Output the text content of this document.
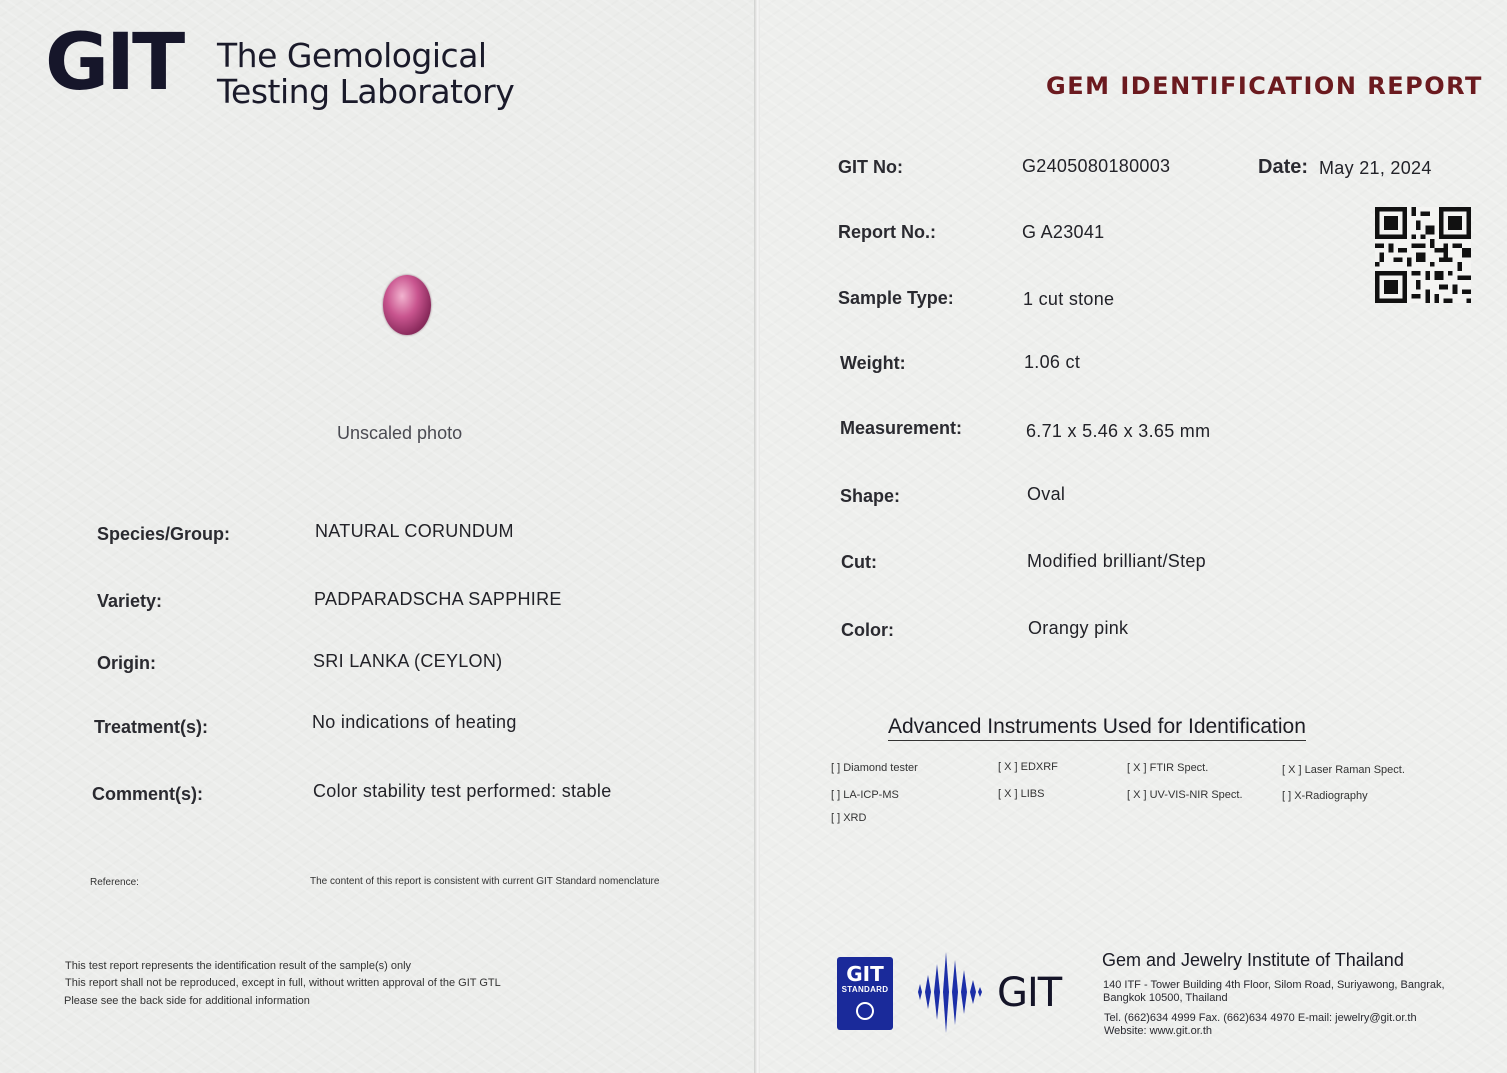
GIT The Gemological
Testing Laboratory
Unscaled photo
Species/Group:	NATURAL CORUNDUM
Variety:	PADPARADSCHA SAPPHIRE
Origin:	SRI LANKA (CEYLON)
Treatment(s):	No indications of heating
Comment(s):	Color stability test performed: stable
Reference:	The content of this report is consistent with current GIT Standard nomenclature
This test report represents the identification result of the sample(s) only
This report shall not be reproduced, except in full, without written approval of the GIT GTL
Please see the back side for additional information
GEM IDENTIFICATION REPORT
GIT No:	G2405080180003	Date: May 21, 2024
Report No.:	G A23041
Sample Type:	1 cut stone
Weight:	1.06 ct
Measurement:	6.71 x 5.46 x 3.65 mm
Shape:	Oval
Cut:	Modified brilliant/Step
Color:	Orangy pink
Advanced Instruments Used for Identification
[ ] Diamond tester	[ X ] EDXRF	[ X ] FTIR Spect.	[ X ] Laser Raman Spect.
[ ] LA-ICP-MS	[ X ] LIBS	[ X ] UV-VIS-NIR Spect.	[ ] X-Radiography
[ ] XRD
GIT
STANDARD	GIT
Gem and Jewelry Institute of Thailand
140 ITF - Tower Building 4th Floor, Silom Road, Suriyawong, Bangrak,
Bangkok 10500, Thailand
Tel. (662)634 4999 Fax. (662)634 4970 E-mail: jewelry@git.or.th
Website: www.git.or.th
